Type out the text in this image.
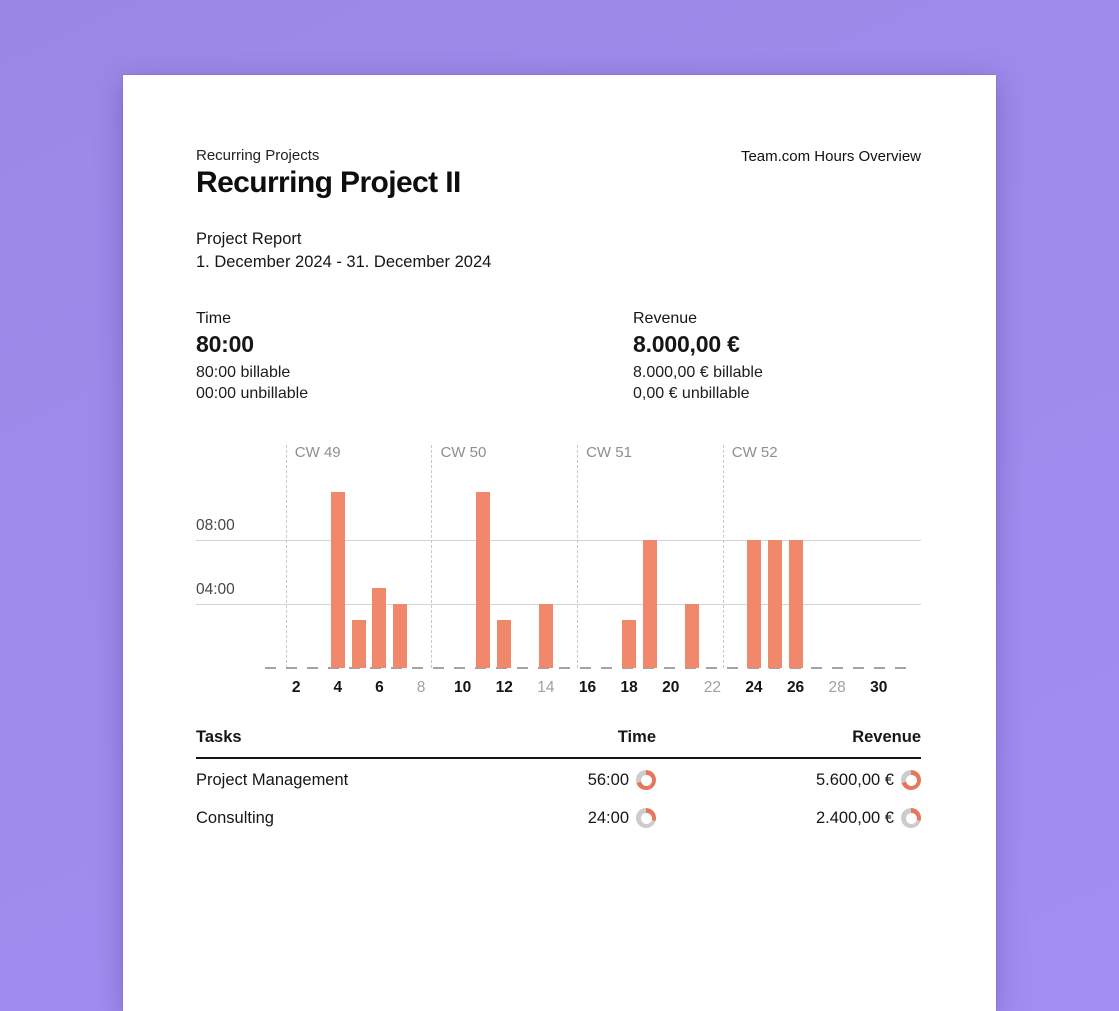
Recurring Projects
Recurring Project II
Team.com Hours Overview
Project Report
1. December 2024 - 31. December 2024
Time
80:00
80:00 billable
00:00 unbillable
Revenue
8.000,00 €
8.000,00 € billable
0,00 € unbillable
08:00
04:00
CW 49	CW 50	CW 51	CW 52
2 4 6 8 10 12 14 16 18 20 22 24 26 28 30
Tasks	Time	Revenue
Project Management	56:00	5.600,00 €
Consulting	24:00	2.400,00 €
